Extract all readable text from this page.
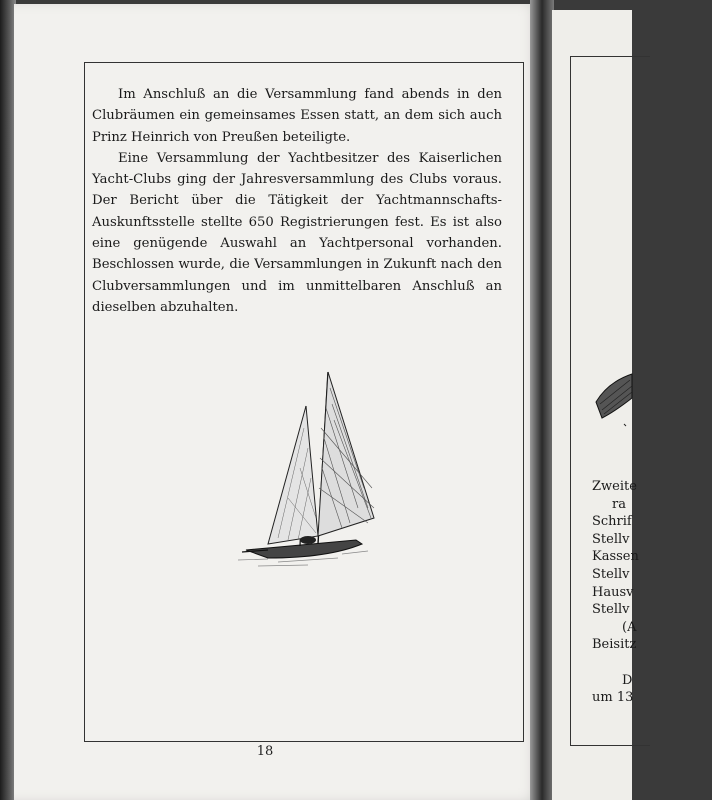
Im Anschluß an die Versammlung fand abends in den Clubräumen ein gemeinsames Essen statt, an dem sich auch Prinz Heinrich von Preußen beteiligte.

Eine Versammlung der Yachtbesitzer des Kaiserlichen Yacht-Clubs ging der Jahresversammlung des Clubs voraus. Der Bericht über die Tätigkeit der Yachtmannschafts-Auskunftsstelle stellte 650 Registrierungen fest. Es ist also eine genügende Auswahl an Yachtpersonal vorhanden. Beschlossen wurde, die Versammlungen in Zukunft nach den Clubversammlungen und im unmittelbaren Anschluß an dieselben abzuhalten.

18
Zweite
ra
Schrif
Stellv
Kassen
Stellv
Hausv
Stellv
(A
Beisitz
D
um 13
